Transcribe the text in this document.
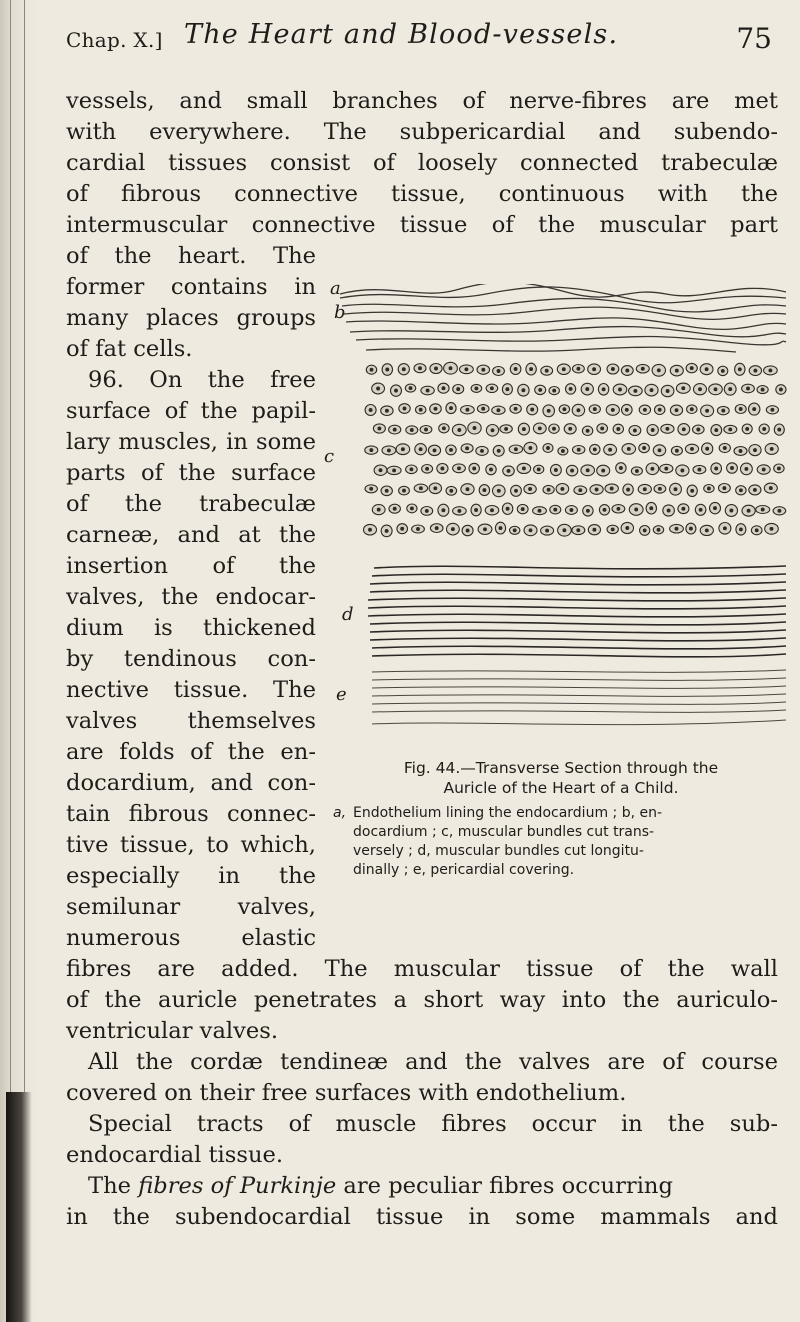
Chap. X.] The Heart and Blood-vessels.	75
vessels, and small branches of nerve-fibres are met
with everywhere. The subpericardial and subendo-
cardial tissues consist of loosely connected trabeculæ
of fibrous connective tissue, continuous with the
intermuscular connective tissue of the muscular part
of the heart. The
former contains in
many places groups
of fat cells.
96. On the free
surface of the papil-
lary muscles, in some
parts of the surface
of the trabeculæ
carneæ, and at the
insertion of the
valves, the endocar-
dium is thickened
by tendinous con-
nective tissue. The
valves themselves
are folds of the en-
docardium, and con-
tain fibrous connec-
tive tissue, to which,
especially in the
semilunar valves,
numerous elastic
a
b
c
d
e
Fig. 44.—Transverse Section through the
Auricle of the Heart of a Child.
a, Endothelium lining the endocardium ; b, en-
docardium ; c, muscular bundles cut trans-
versely ; d, muscular bundles cut longitu-
dinally ; e, pericardial covering.
fibres are added. The muscular tissue of the wall
of the auricle penetrates a short way into the auriculo-
ventricular valves.
All the cordæ tendineæ and the valves are of course
covered on their free surfaces with endothelium.
Special tracts of muscle fibres occur in the sub-
endocardial tissue.
The fibres of Purkinje are peculiar fibres occurring
in the subendocardial tissue in some mammals and
